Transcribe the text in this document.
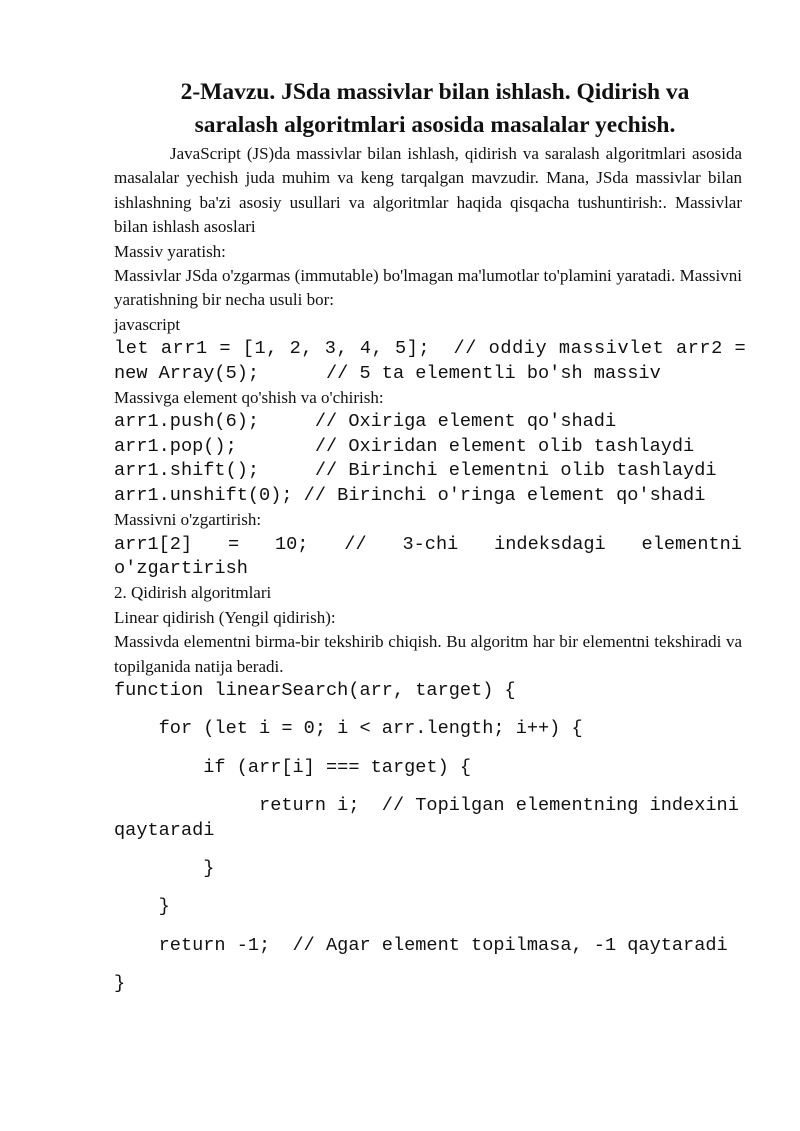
2-Mavzu. JSda massivlar bilan ishlash. Qidirish va
saralash algoritmlari asosida masalalar yechish.

JavaScript (JS)da massivlar bilan ishlash, qidirish va saralash algoritmlari asosida masalalar yechish juda muhim va keng tarqalgan mavzudir. Mana, JSda massivlar bilan ishlashning ba'zi asosiy usullari va algoritmlar haqida qisqacha tushuntirish:. Massivlar bilan ishlash asoslari

Massiv yaratish:

Massivlar JSda o'zgarmas (immutable) bo'lmagan ma'lumotlar to'plamini yaratadi. Massivni yaratishning bir necha usuli bor:

javascript

let arr1 = [1, 2, 3, 4, 5];  // oddiy massivlet arr2 =

new Array(5);      // 5 ta elementli bo'sh massiv

Massivga element qo'shish va o'chirish:

arr1.push(6);     // Oxiriga element qo'shadi

arr1.pop();       // Oxiridan element olib tashlaydi

arr1.shift();     // Birinchi elementni olib tashlaydi

arr1.unshift(0); // Birinchi o'ringa element qo'shadi

Massivni o'zgartirish:

arr1[2] = 10; // 3-chi indeksdagi elementni

o'zgartirish

2. Qidirish algoritmlari

Linear qidirish (Yengil qidirish):

Massivda elementni birma-bir tekshirib chiqish. Bu algoritm har bir elementni tekshiradi va topilganida natija beradi.

function linearSearch(arr, target) {

for (let i = 0; i < arr.length; i++) {

if (arr[i] === target) {

return i;  // Topilgan elementning indexini

qaytaradi

}

}

return -1;  // Agar element topilmasa, -1 qaytaradi

}
